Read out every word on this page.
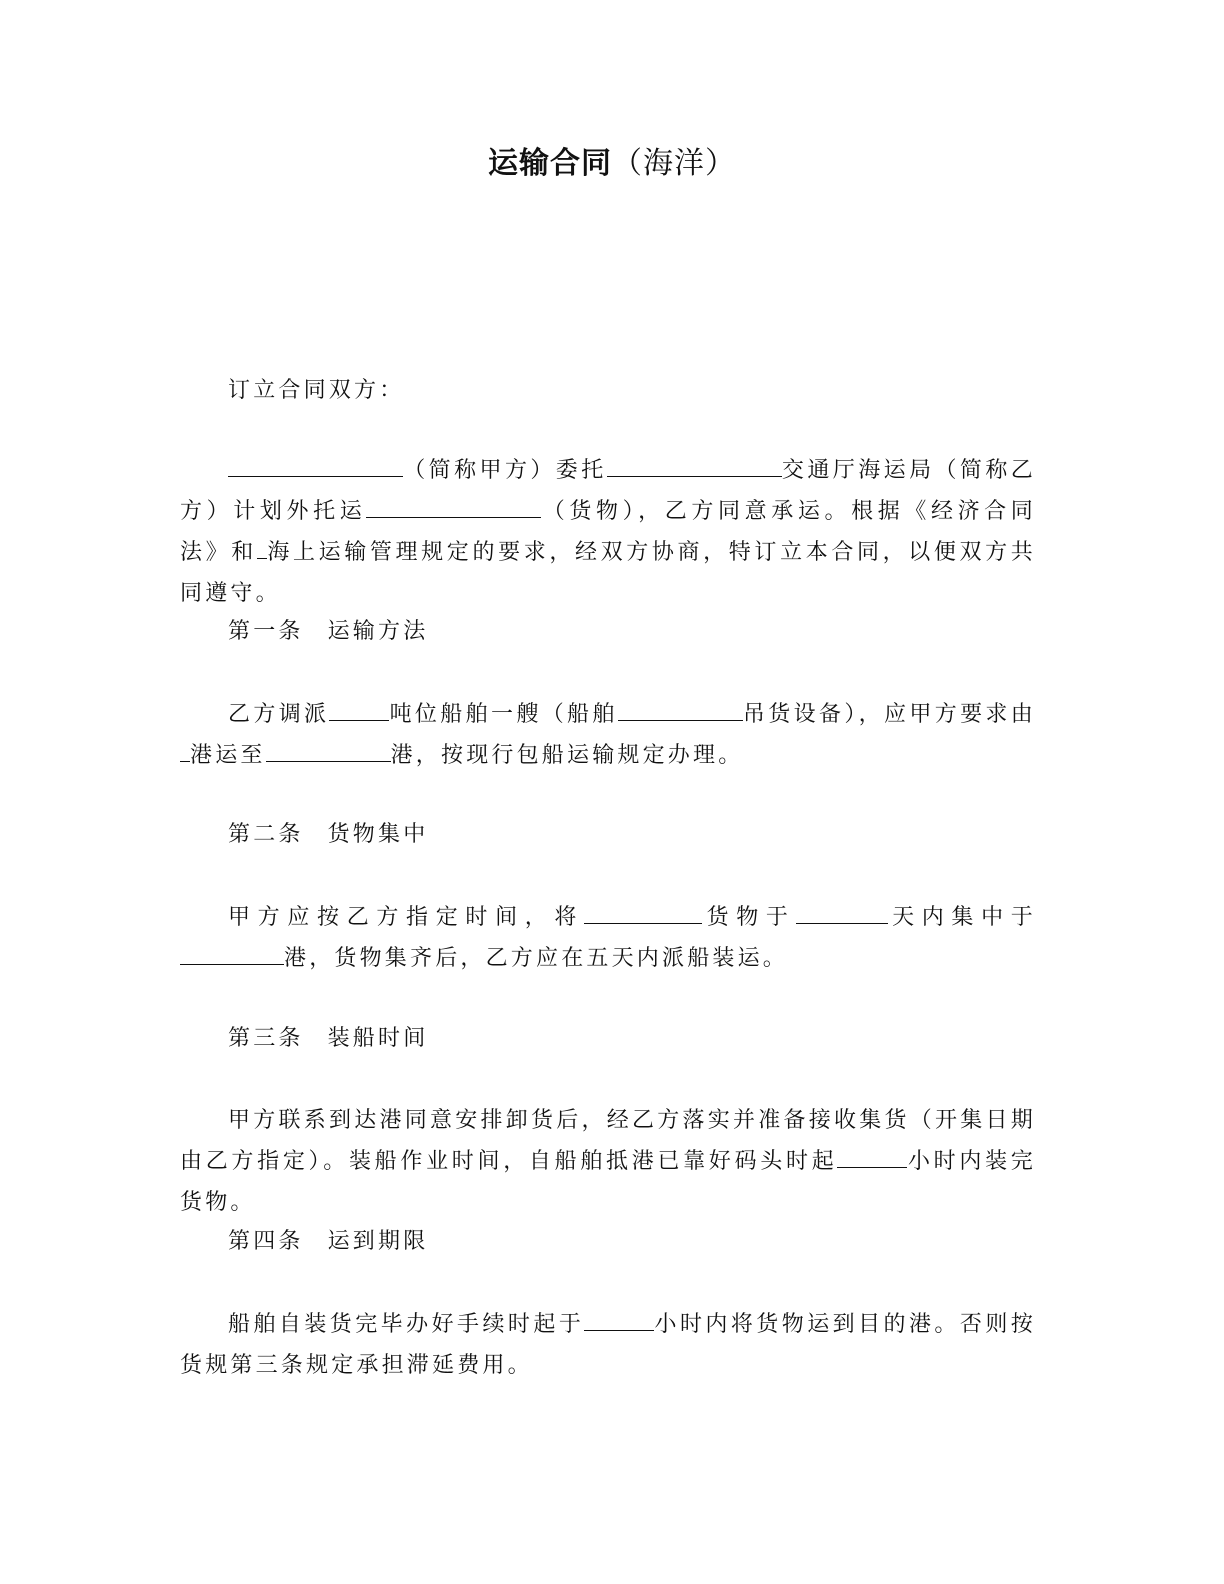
运输合同（海洋）
订立合同双方：
（简称甲方）委托	交通厅海运局（简称乙方）计划外托运	（货物），乙方同意承运。根据《经济合同法》和 海上运输管理规定的要求，经双方协商，特订立本合同，以便双方共同遵守。
第一条 运输方法
乙方调派	吨位船舶一艘（船舶	吊货设备），应甲方要求由港运至	港，按现行包船运输规定办理。
第二条 货物集中
甲方应按乙方指定时间，将	货物于	天内集中于港，货物集齐后，乙方应在五天内派船装运。
第三条 装船时间
甲方联系到达港同意安排卸货后，经乙方落实并准备接收集货（开集日期由乙方指定）。装船作业时间，自船舶抵港已靠好码头时起	小时内装完货物。
第四条 运到期限
船舶自装货完毕办好手续时起于	小时内将货物运到目的港。否则按货规第三条规定承担滞延费用。
